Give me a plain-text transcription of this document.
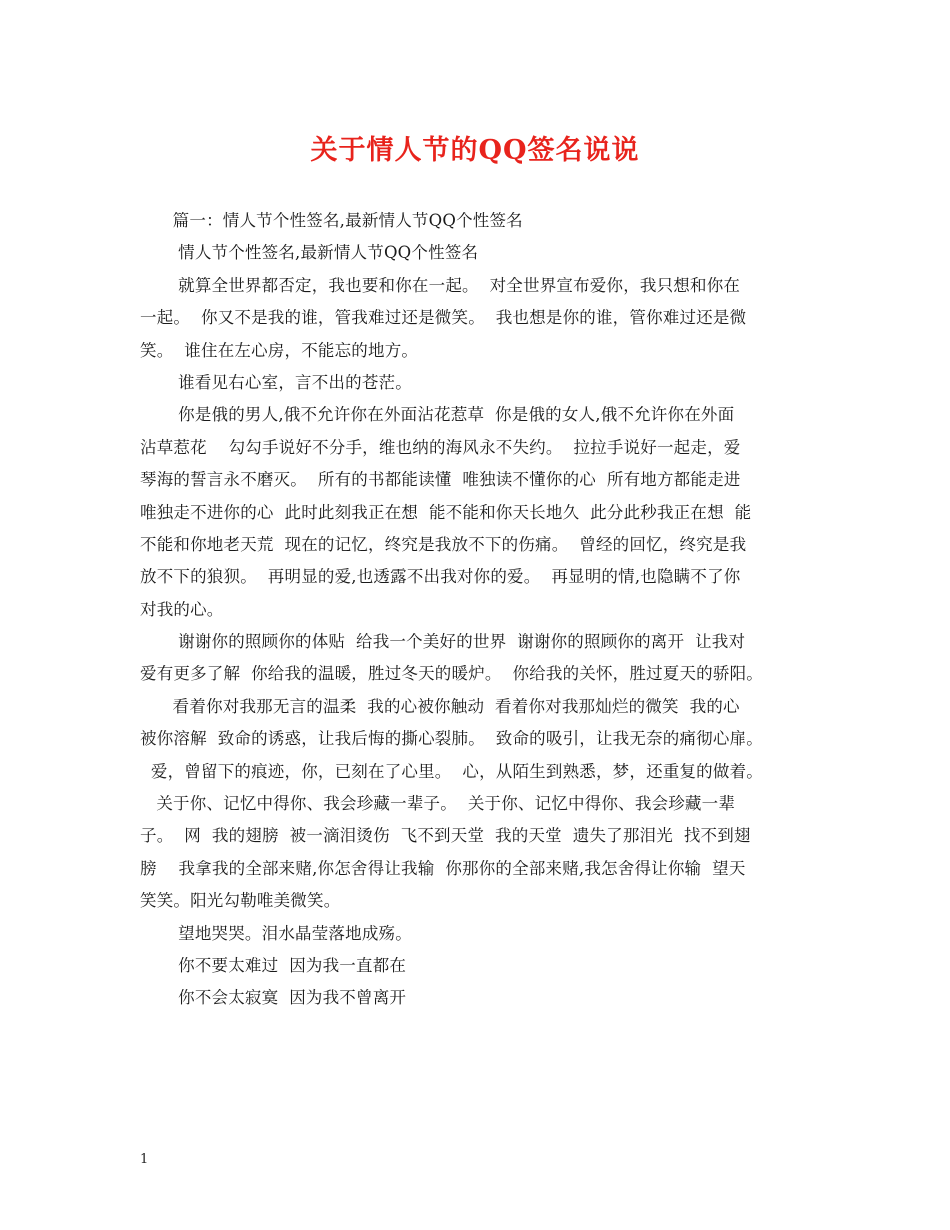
关于情人节的QQ签名说说
篇一：情人节个性签名,最新情人节QQ个性签名
情人节个性签名,最新情人节QQ个性签名
就算全世界都否定，我也要和你在一起。  对全世界宣布爱你，我只想和你在
一起。  你又不是我的谁，管我难过还是微笑。  我也想是你的谁，管你难过还是微
笑。  谁住在左心房，不能忘的地方。
谁看见右心室，言不出的苍茫。
你是俄的男人,俄不允许你在外面沾花惹草  你是俄的女人,俄不允许你在外面
沾草惹花    勾勾手说好不分手，维也纳的海风永不失约。  拉拉手说好一起走，爱
琴海的誓言永不磨灭。  所有的书都能读懂  唯独读不懂你的心  所有地方都能走进
唯独走不进你的心  此时此刻我正在想  能不能和你天长地久  此分此秒我正在想  能
不能和你地老天荒  现在的记忆，终究是我放不下的伤痛。  曾经的回忆，终究是我
放不下的狼狈。  再明显的爱,也透露不出我对你的爱。  再显明的情,也隐瞒不了你
对我的心。
谢谢你的照顾你的体贴  给我一个美好的世界  谢谢你的照顾你的离开  让我对
爱有更多了解  你给我的温暖，胜过冬天的暖炉。  你给我的关怀，胜过夏天的骄阳。
看着你对我那无言的温柔  我的心被你触动  看着你对我那灿烂的微笑  我的心
被你溶解  致命的诱惑，让我后悔的撕心裂肺。  致命的吸引，让我无奈的痛彻心扉。
爱，曾留下的痕迹，你，已刻在了心里。  心，从陌生到熟悉，梦，还重复的做着。
关于你、记忆中得你、我会珍藏一辈子。  关于你、记忆中得你、我会珍藏一辈
子。  网  我的翅膀  被一滴泪烫伤  飞不到天堂  我的天堂  遗失了那泪光  找不到翅
膀    我拿我的全部来赌,你怎舍得让我输  你那你的全部来赌,我怎舍得让你输  望天
笑笑。阳光勾勒唯美微笑。
望地哭哭。泪水晶莹落地成殇。
你不要太难过  因为我一直都在
你不会太寂寞  因为我不曾离开
1
